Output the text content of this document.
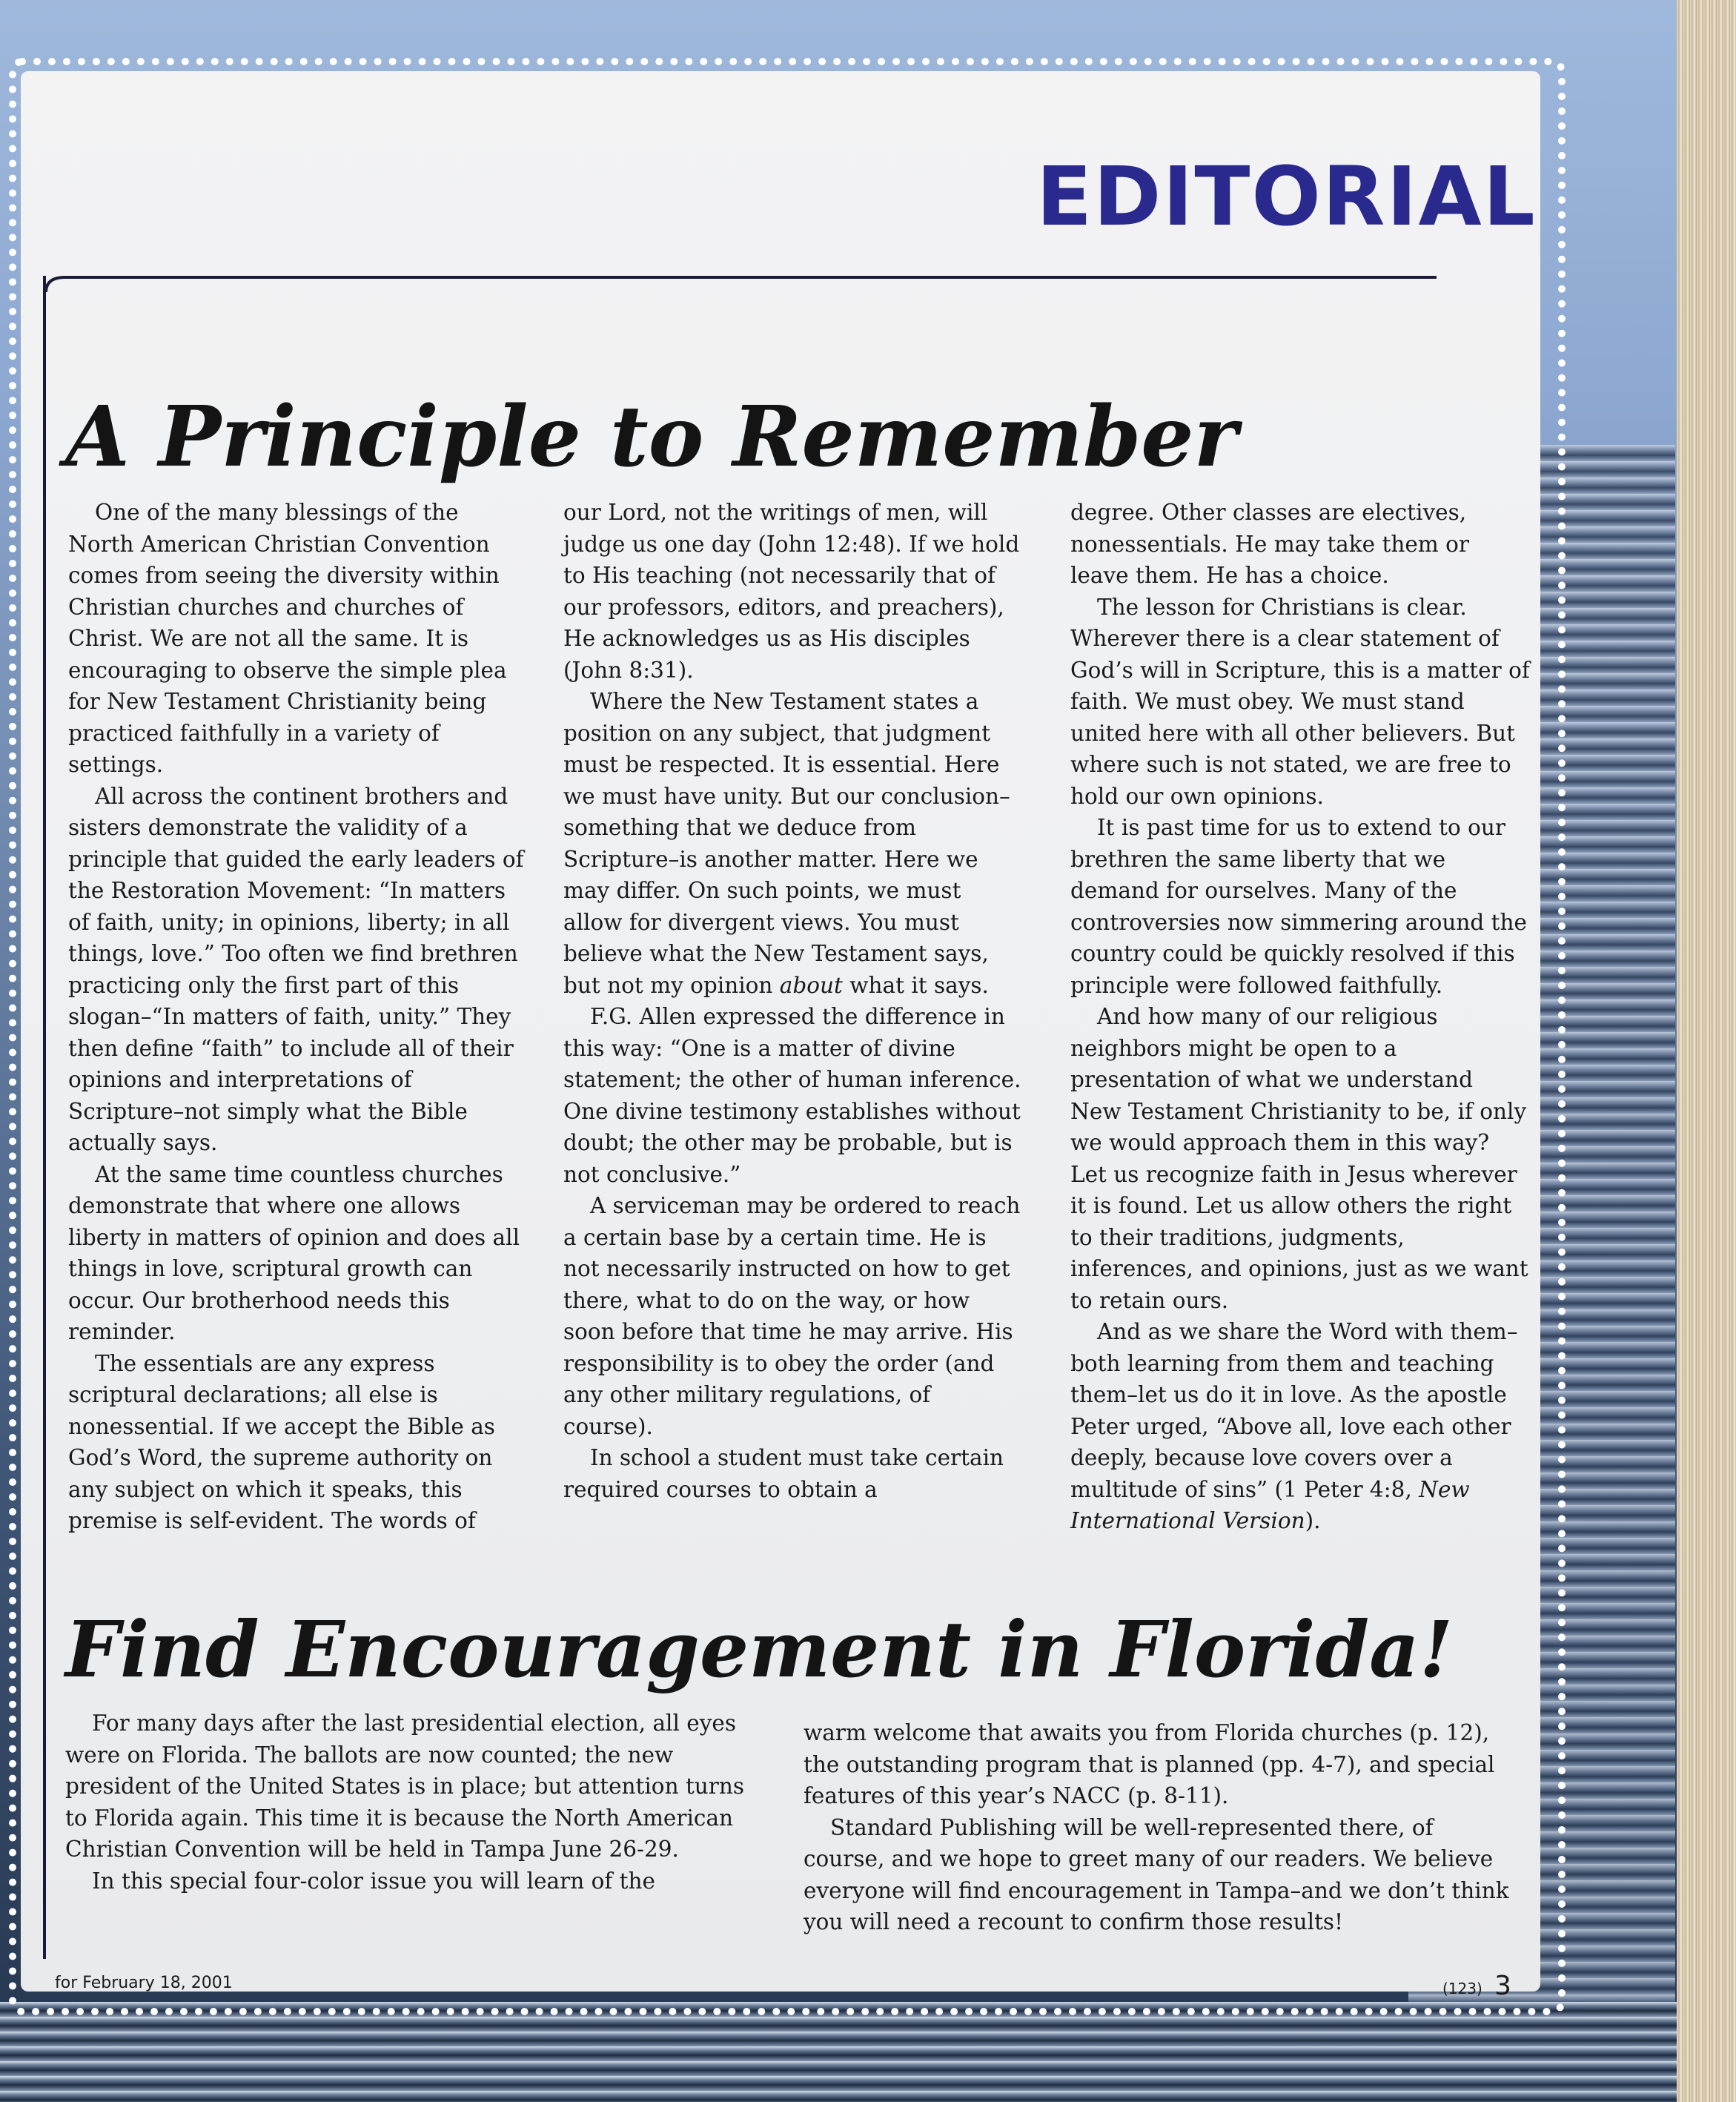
EDITORIAL
A Principle to Remember

One of the many blessings of the North American Christian Convention comes from seeing the diversity within Christian churches and churches of Christ. We are not all the same. It is encouraging to observe the simple plea for New Testament Christianity being practiced faithfully in a variety of settings.

All across the continent brothers and sisters demonstrate the validity of a principle that guided the early leaders of the Restoration Movement: “In matters of faith, unity; in opinions, liberty; in all things, love.” Too often we find brethren practicing only the first part of this slogan–“In matters of faith, unity.” They then define “faith” to include all of their opinions and interpretations of Scripture–not simply what the Bible actually says.

At the same time countless churches demonstrate that where one allows liberty in matters of opinion and does all things in love, scriptural growth can occur. Our brotherhood needs this reminder.

The essentials are any express scriptural declarations; all else is nonessential. If we accept the Bible as God’s Word, the supreme authority on any subject on which it speaks, this premise is self-evident. The words of

our Lord, not the writings of men, will judge us one day (John 12:48). If we hold to His teaching (not necessarily that of our professors, editors, and preachers), He acknowledges us as His disciples (John 8:31).

Where the New Testament states a position on any subject, that judgment must be respected. It is essential. Here we must have unity. But our conclusion–something that we deduce from Scripture–is another matter. Here we may differ. On such points, we must allow for divergent views. You must believe what the New Testament says, but not my opinion about what it says.

F.G. Allen expressed the difference in this way: “One is a matter of divine statement; the other of human inference. One divine testimony establishes without doubt; the other may be probable, but is not conclusive.”

A serviceman may be ordered to reach a certain base by a certain time. He is not necessarily instructed on how to get there, what to do on the way, or how soon before that time he may arrive. His responsibility is to obey the order (and any other military regulations, of course).

In school a student must take certain required courses to obtain a

degree. Other classes are electives, nonessentials. He may take them or leave them. He has a choice.

The lesson for Christians is clear. Wherever there is a clear statement of God’s will in Scripture, this is a matter of faith. We must obey. We must stand united here with all other believers. But where such is not stated, we are free to hold our own opinions.

It is past time for us to extend to our brethren the same liberty that we demand for ourselves. Many of the controversies now simmering around the country could be quickly resolved if this principle were followed faithfully.

And how many of our religious neighbors might be open to a presentation of what we understand New Testament Christianity to be, if only we would approach them in this way? Let us recognize faith in Jesus wherever it is found. Let us allow others the right to their traditions, judgments, inferences, and opinions, just as we want to retain ours.

And as we share the Word with them–both learning from them and teaching them–let us do it in love. As the apostle Peter urged, “Above all, love each other deeply, because love covers over a multitude of sins” (1 Peter 4:8, New International Version).

Find Encouragement in Florida!

For many days after the last presidential election, all eyes were on Florida. The ballots are now counted; the new president of the United States is in place; but attention turns to Florida again. This time it is because the North American Christian Convention will be held in Tampa June 26-29.

In this special four-color issue you will learn of the

warm welcome that awaits you from Florida churches (p. 12), the outstanding program that is planned (pp. 4-7), and special features of this year’s NACC (p. 8-11).

Standard Publishing will be well-represented there, of course, and we hope to greet many of our readers. We believe everyone will find encouragement in Tampa–and we don’t think you will need a recount to confirm those results!

for February 18, 2001	(123) 3
